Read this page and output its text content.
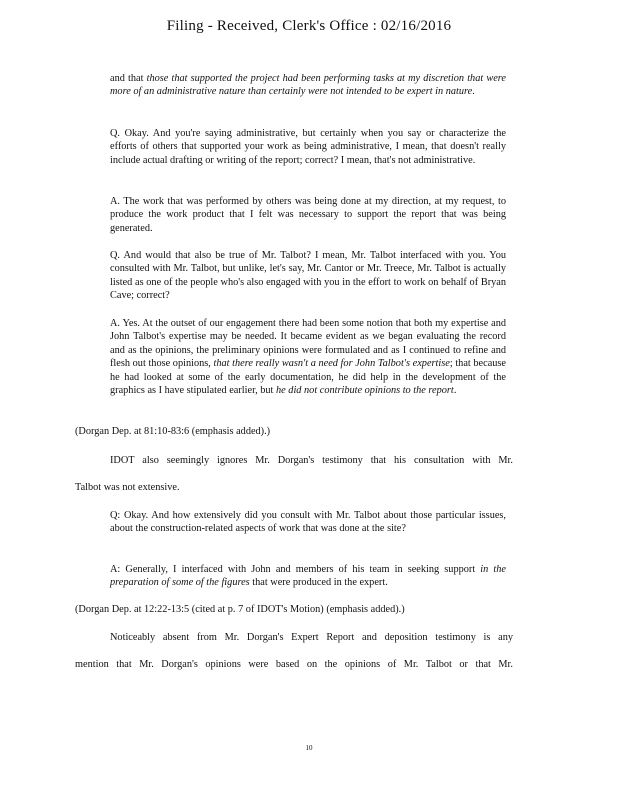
Filing - Received, Clerk's Office : 02/16/2016
and that those that supported the project had been performing tasks at my discretion that were more of an administrative nature than certainly were not intended to be expert in nature.
Q. Okay. And you're saying administrative, but certainly when you say or characterize the efforts of others that supported your work as being administrative, I mean, that doesn't really include actual drafting or writing of the report; correct? I mean, that's not administrative.
A. The work that was performed by others was being done at my direction, at my request, to produce the work product that I felt was necessary to support the report that was being generated.
Q. And would that also be true of Mr. Talbot? I mean, Mr. Talbot interfaced with you. You consulted with Mr. Talbot, but unlike, let's say, Mr. Cantor or Mr. Treece, Mr. Talbot is actually listed as one of the people who's also engaged with you in the effort to work on behalf of Bryan Cave; correct?
A. Yes. At the outset of our engagement there had been some notion that both my expertise and John Talbot's expertise may be needed. It became evident as we began evaluating the record and as the opinions, the preliminary opinions were formulated and as I continued to refine and flesh out those opinions, that there really wasn't a need for John Talbot's expertise; that because he had looked at some of the early documentation, he did help in the development of the graphics as I have stipulated earlier, but he did not contribute opinions to the report.
(Dorgan Dep. at 81:10-83:6 (emphasis added).)
IDOT also seemingly ignores Mr. Dorgan's testimony that his consultation with Mr.
Talbot was not extensive.
Q: Okay. And how extensively did you consult with Mr. Talbot about those particular issues, about the construction-related aspects of work that was done at the site?
A: Generally, I interfaced with John and members of his team in seeking support in the preparation of some of the figures that were produced in the expert.
(Dorgan Dep. at 12:22-13:5 (cited at p. 7 of IDOT's Motion) (emphasis added).)
Noticeably absent from Mr. Dorgan's Expert Report and deposition testimony is any
mention that Mr. Dorgan's opinions were based on the opinions of Mr. Talbot or that Mr.
10
